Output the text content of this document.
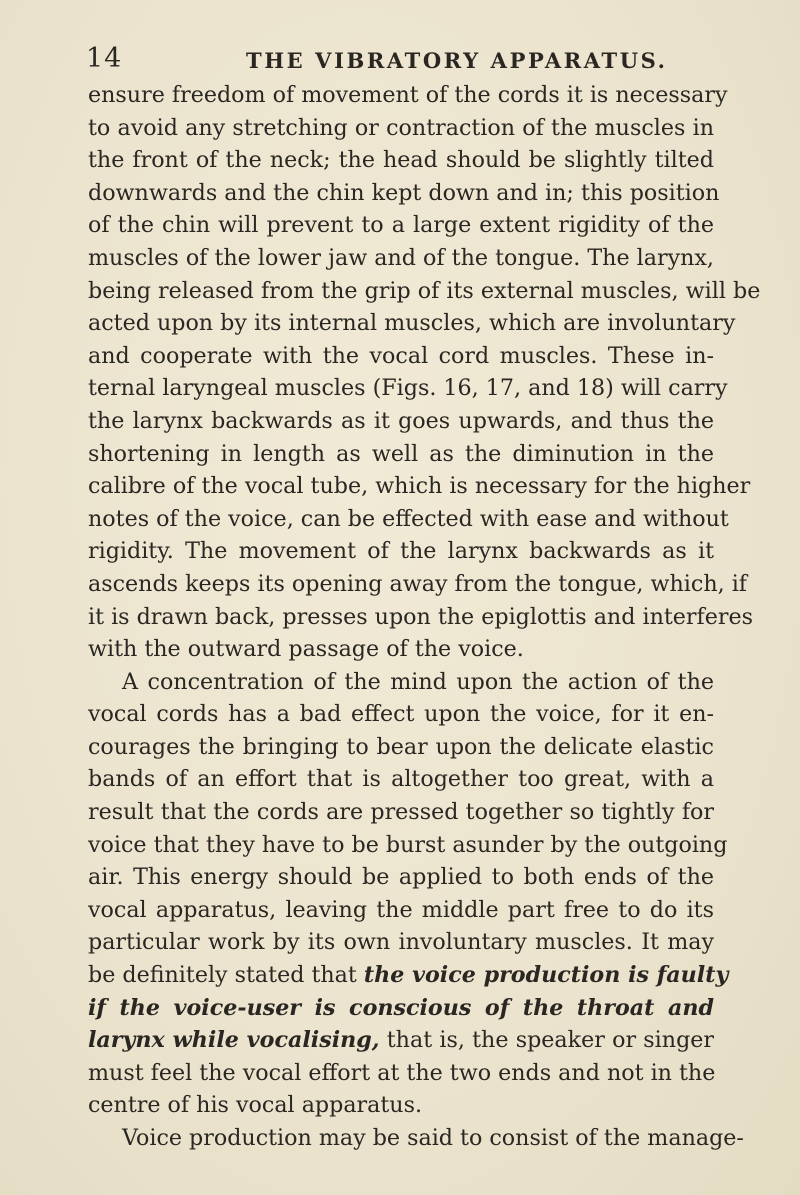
14	THE VIBRATORY APPARATUS.
ensure freedom of movement of the cords it is necessary
to avoid any stretching or contraction of the muscles in
the front of the neck; the head should be slightly tilted
downwards and the chin kept down and in; this position
of the chin will prevent to a large extent rigidity of the
muscles of the lower jaw and of the tongue. The larynx,
being released from the grip of its external muscles, will be
acted upon by its internal muscles, which are involuntary
and cooperate with the vocal cord muscles. These in-
ternal laryngeal muscles (Figs. 16, 17, and 18) will carry
the larynx backwards as it goes upwards, and thus the
shortening in length as well as the diminution in the
calibre of the vocal tube, which is necessary for the higher
notes of the voice, can be effected with ease and without
rigidity. The movement of the larynx backwards as it
ascends keeps its opening away from the tongue, which, if
it is drawn back, presses upon the epiglottis and interferes
with the outward passage of the voice.
A concentration of the mind upon the action of the
vocal cords has a bad effect upon the voice, for it en-
courages the bringing to bear upon the delicate elastic
bands of an effort that is altogether too great, with a
result that the cords are pressed together so tightly for
voice that they have to be burst asunder by the outgoing
air. This energy should be applied to both ends of the
vocal apparatus, leaving the middle part free to do its
particular work by its own involuntary muscles. It may
be definitely stated that the voice production is faulty
if the voice-user is conscious of the throat and
larynx while vocalising, that is, the speaker or singer
must feel the vocal effort at the two ends and not in the
centre of his vocal apparatus.
Voice production may be said to consist of the manage-
